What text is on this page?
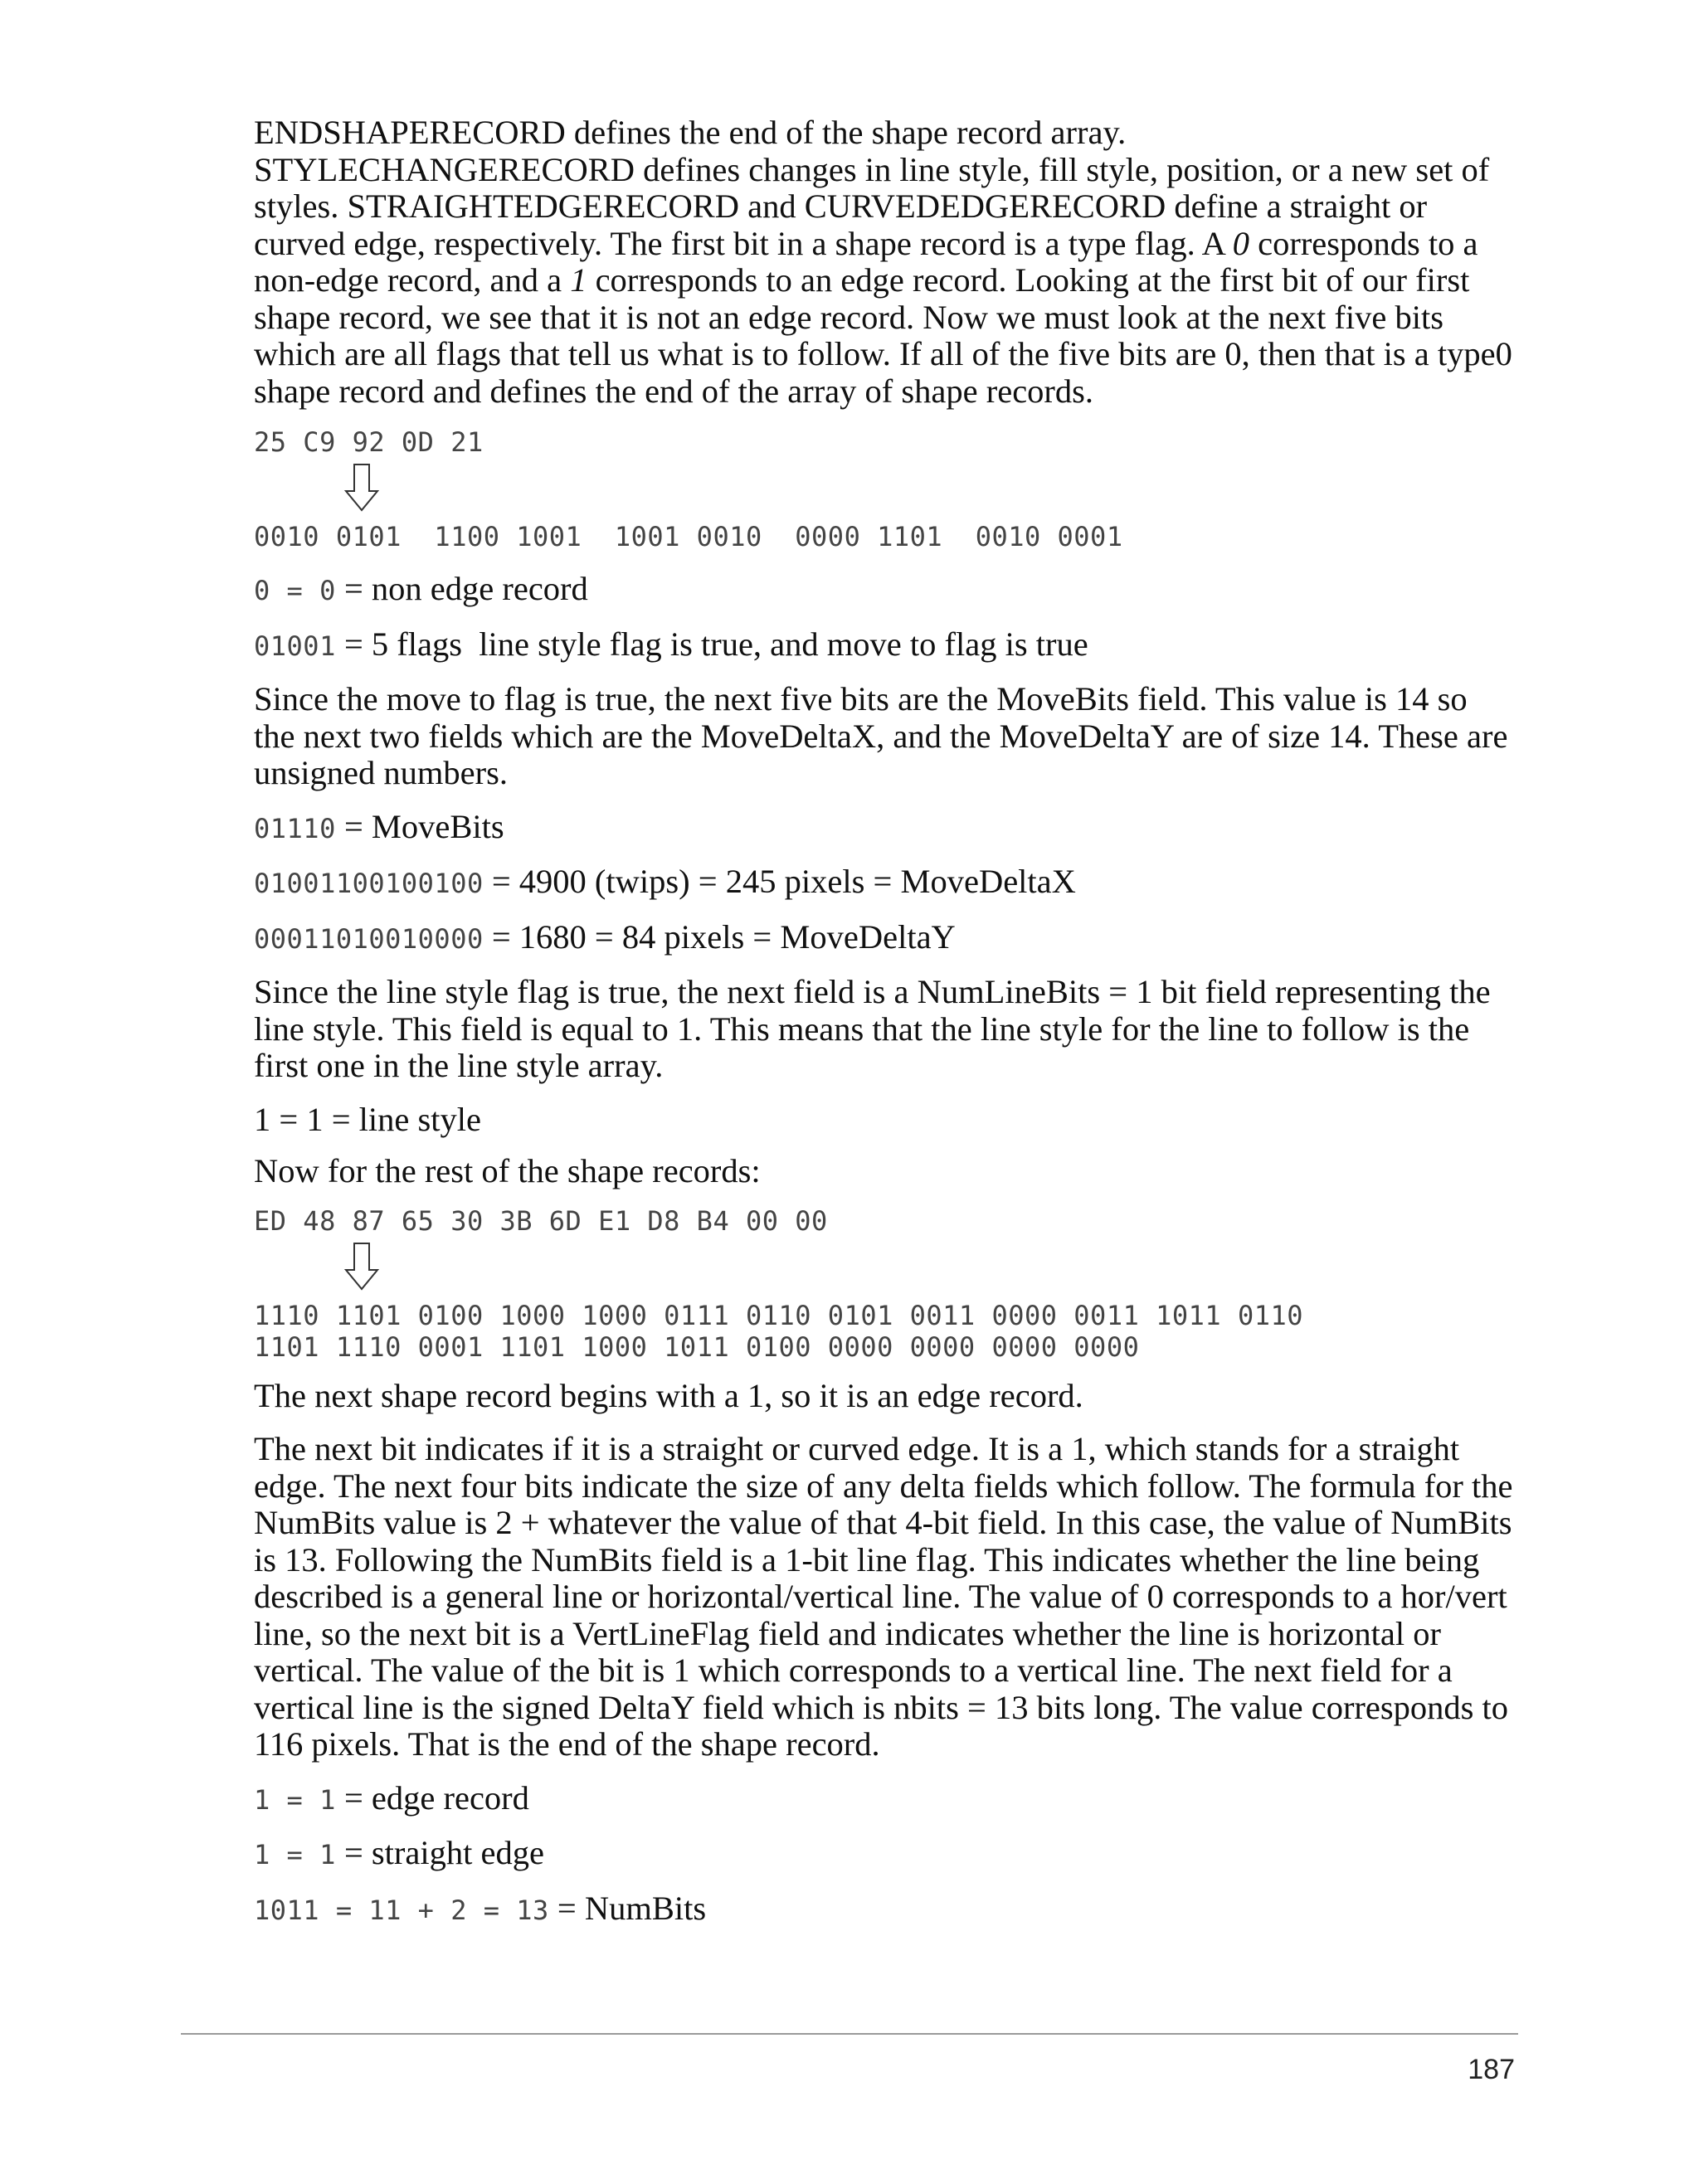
ENDSHAPERECORD defines the end of the shape record array. STYLECHANGERECORD defines changes in line style, fill style, position, or a new set of styles. STRAIGHTEDGERECORD and CURVEDEDGERECORD define a straight or curved edge, respectively. The first bit in a shape record is a type flag. A 0 corresponds to a non-edge record, and a 1 corresponds to an edge record. Looking at the first bit of our first shape record, we see that it is not an edge record. Now we must look at the next five bits which are all flags that tell us what is to follow. If all of the five bits are 0, then that is a type0 shape record and defines the end of the array of shape records.

25 C9 92 0D 21
0010 0101  1100 1001  1001 0010  0000 1101  0010 0001
0 = 0 = non edge record
01001 = 5 flags  line style flag is true, and move to flag is true

Since the move to flag is true, the next five bits are the MoveBits field. This value is 14 so the next two fields which are the MoveDeltaX, and the MoveDeltaY are of size 14. These are unsigned numbers.

01110 = MoveBits
01001100100100 = 4900 (twips) = 245 pixels = MoveDeltaX
00011010010000 = 1680 = 84 pixels = MoveDeltaY

Since the line style flag is true, the next field is a NumLineBits = 1 bit field representing the line style. This field is equal to 1. This means that the line style for the line to follow is the first one in the line style array.

1 = 1 = line style

Now for the rest of the shape records:

ED 48 87 65 30 3B 6D E1 D8 B4 00 00
1110 1101 0100 1000 1000 0111 0110 0101 0011 0000 0011 1011 0110
1101 1110 0001 1101 1000 1011 0100 0000 0000 0000 0000

The next shape record begins with a 1, so it is an edge record.

The next bit indicates if it is a straight or curved edge. It is a 1, which stands for a straight edge. The next four bits indicate the size of any delta fields which follow. The formula for the NumBits value is 2 + whatever the value of that 4-bit field. In this case, the value of NumBits is 13. Following the NumBits field is a 1-bit line flag. This indicates whether the line being described is a general line or horizontal/vertical line. The value of 0 corresponds to a hor/vert line, so the next bit is a VertLineFlag field and indicates whether the line is horizontal or vertical. The value of the bit is 1 which corresponds to a vertical line. The next field for a vertical line is the signed DeltaY field which is nbits = 13 bits long. The value corresponds to 116 pixels. That is the end of the shape record.

1 = 1 = edge record
1 = 1 = straight edge
1011 = 11 + 2 = 13 = NumBits
187
